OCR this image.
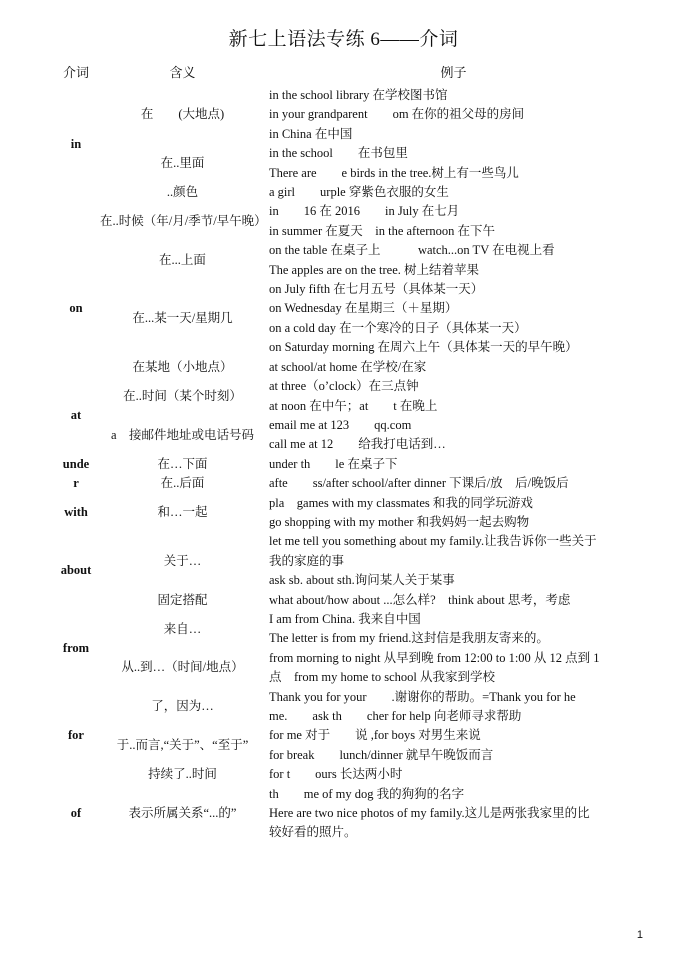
新七上语法专练 6——介词
介词	含义	例子
in	在　　(大地点)	in the school library 在学校图书馆
		in your grandparent　　om 在你的祖父母的房间
		in China 在中国
	在..里面	in the school　　在书包里
		There are　　e birds in the tree.树上有一些鸟儿
	..颜色	a girl　　urple 穿紫色衣服的女生
	在..时候（年/月/季节/早午晚）	in　　16 在 2016　　in July 在七月
		in summer 在夏天　in the afternoon 在下午
on	在...上面	on the table 在桌子上　　　watch...on TV 在电视上看
		The apples are on the tree. 树上结着苹果
	在...某一天/星期几	on July fifth 在七月五号（具体某一天）
		on Wednesday 在星期三（＋星期）
		on a cold day 在一个寒冷的日子（具体某一天）
		on Saturday morning 在周六上午（具体某一天的早午晚）
	在某地（小地点）	at school/at home 在学校/在家
at	在..时间（某个时刻）	at three（o’clock）在三点钟
		at noon 在中午；at　　t 在晚上
	a　接邮件地址或电话号码	email me at 123　　qq.com
		call me at 12　　给我打电话到…
unde	在…下面	under th　　le 在桌子下
r	在..后面	afte　　ss/after school/after dinner 下课后/放　后/晚饭后
with	和…一起	pla　games with my classmates 和我的同学玩游戏
		go shopping with my mother 和我妈妈一起去购物
about	关于…	let me tell you something about my family.让我告诉你一些关于
		我的家庭的事
		ask sb. about sth.询问某人关于某事
	固定搭配	what about/how about ...怎么样?　think about 思考，考虑
from	来自…	I am from China. 我来自中国
		The letter is from my friend.这封信是我朋友寄来的。
	从..到…（时间/地点）	from morning to night 从早到晚 from 12:00 to 1:00 从 12 点到 1
		点　from my home to school 从我家到学校
for	了，因为…	Thank you for your　　.谢谢你的帮助。=Thank you for he
		me.　　ask th　　cher for help 向老师寻求帮助
	于..而言,“关于”、“至于”	for me 对于　　说 ,for boys 对男生来说
		for break　　lunch/dinner 就早午晚饭而言
	持续了..时间	for t　　ours 长达两小时
of	表示所属关系“...的”	th　　me of my dog 我的狗狗的名字
		Here are two nice photos of my family.这儿是两张我家里的比
		较好看的照片。
1
